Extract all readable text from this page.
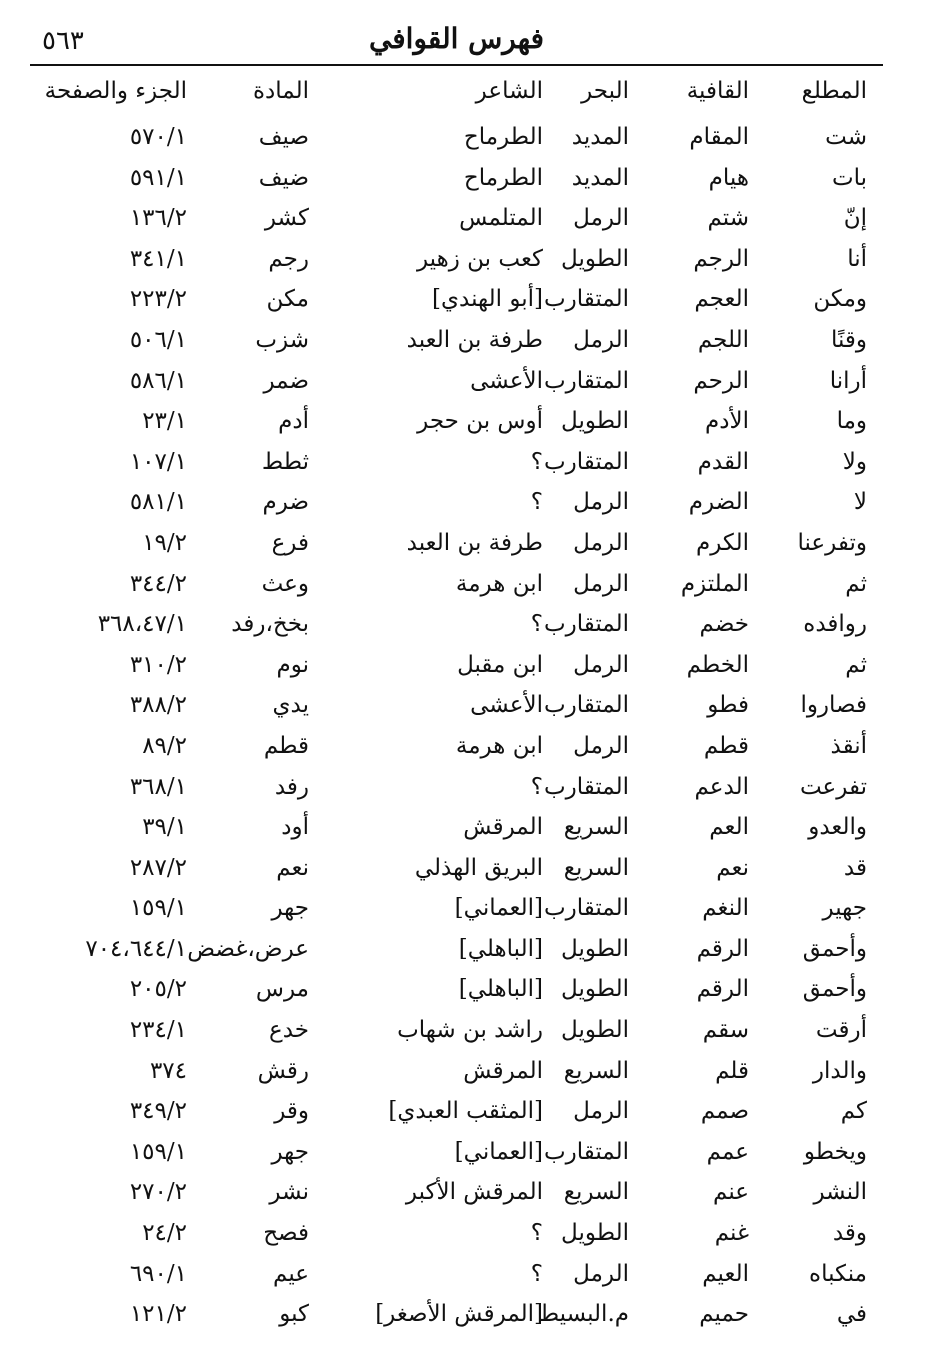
فهرس القوافي
٥٦٣
المطلع
القافية
البحر
الشاعر
المادة
الجزء والصفحة
شت
المقام
المديد
الطرماح
صيف
٥٧٠/١
بات
هيام
المديد
الطرماح
ضيف
٥٩١/١
إنّ
شتم
الرمل
المتلمس
كشر
١٣٦/٢
أنا
الرجم
الطويل
كعب بن زهير
رجم
٣٤١/١
ومكن
العجم
المتقارب
[أبو الهندي]
مكن
٢٢٣/٢
وقنًا
اللجم
الرمل
طرفة بن العبد
شزب
٥٠٦/١
أرانا
الرحم
المتقارب
الأعشى
ضمر
٥٨٦/١
وما
الأدم
الطويل
أوس بن حجر
أدم
٢٣/١
ولا
القدم
المتقارب
؟
ثطط
١٠٧/١
لا
الضرم
الرمل
؟
ضرم
٥٨١/١
وتفرعنا
الكرم
الرمل
طرفة بن العبد
فرع
١٩/٢
ثم
الملتزم
الرمل
ابن هرمة
وعث
٣٤٤/٢
روافده
خضم
المتقارب
؟
بخخ،رفد
٣٦٨،٤٧/١
ثم
الخطم
الرمل
ابن مقبل
نوم
٣١٠/٢
فصاروا
فطو
المتقارب
الأعشى
يدي
٣٨٨/٢
أنقذ
قطم
الرمل
ابن هرمة
قطم
٨٩/٢
تفرعت
الدعم
المتقارب
؟
رفد
٣٦٨/١
والعدو
العم
السريع
المرقش
أود
٣٩/١
قد
نعم
السريع
البريق الهذلي
نعم
٢٨٧/٢
جهير
النغم
المتقارب
[العماني]
جهر
١٥٩/١
وأحمق
الرقم
الطويل
[الباهلي]
عرض،غضض
٧٠٤،٦٤٤/١
وأحمق
الرقم
الطويل
[الباهلي]
مرس
٢٠٥/٢
أرقت
سقم
الطويل
راشد بن شهاب
خدع
٢٣٤/١
والدار
قلم
السريع
المرقش
رقش
٣٧٤
كم
صمم
الرمل
[المثقب العبدي]
وقر
٣٤٩/٢
ويخطو
عمم
المتقارب
[العماني]
جهر
١٥٩/١
النشر
عنم
السريع
المرقش الأكبر
نشر
٢٧٠/٢
وقد
غنم
الطويل
؟
فصح
٢٤/٢
منكباه
العيم
الرمل
؟
عيم
٦٩٠/١
في
حميم
م.البسيط
[المرقش الأصغر]
كبو
١٢١/٢
